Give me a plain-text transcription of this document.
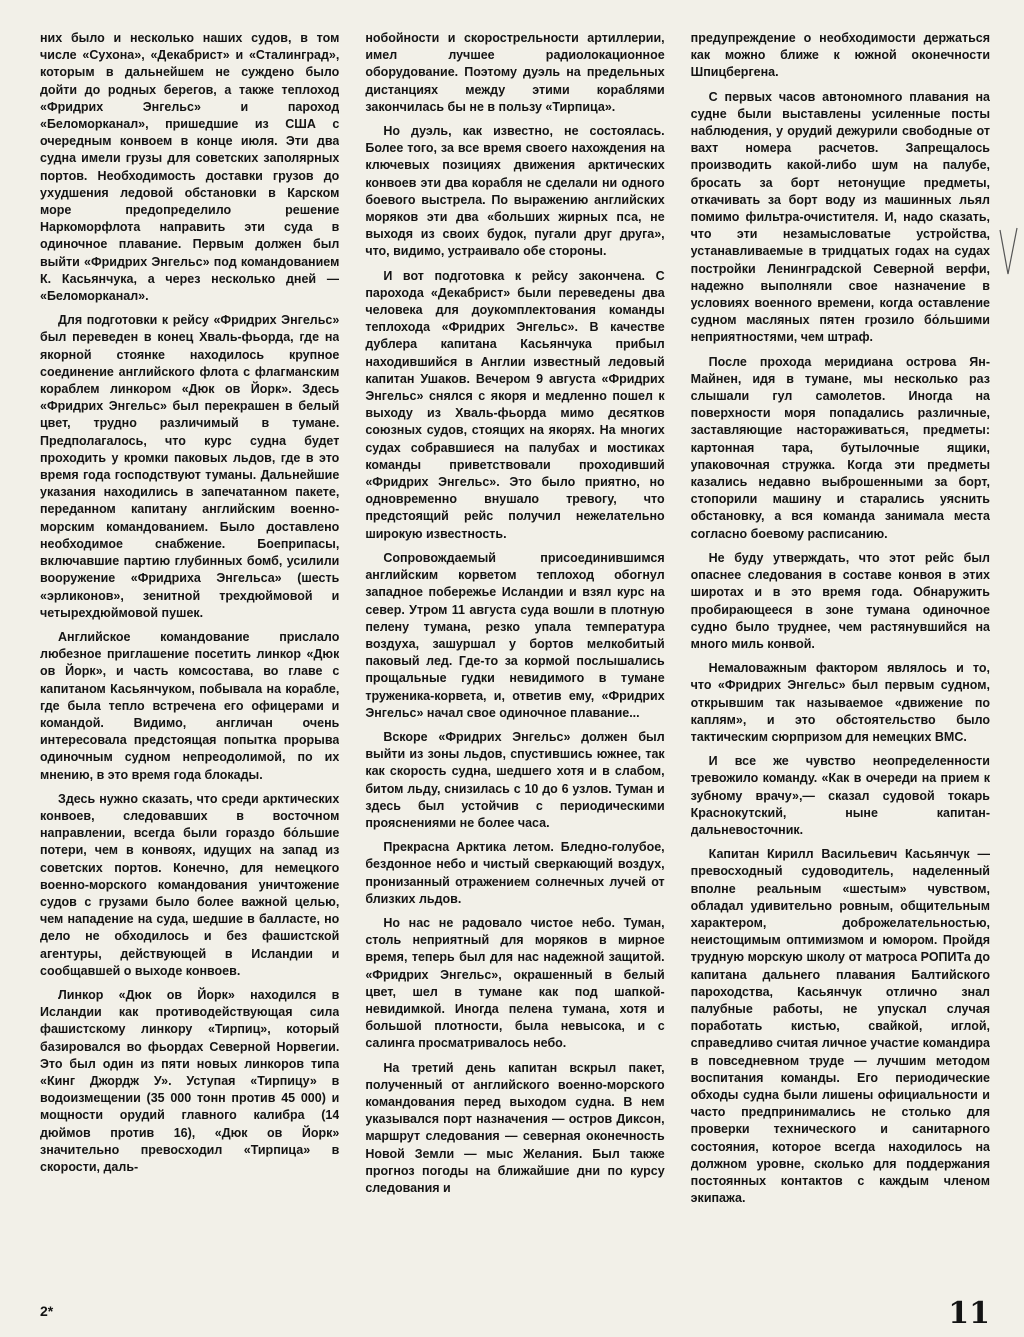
них было и несколько наших судов, в том числе «Сухона», «Декабрист» и «Сталинград», которым в дальнейшем не суждено было дойти до родных берегов, а также теплоход «Фридрих Энгельс» и пароход «Беломорканал», пришедшие из США с очередным конвоем в конце июля. Эти два судна имели грузы для советских заполярных портов. Необходимость доставки грузов до ухудшения ледовой обстановки в Карском море предопределило решение Наркоморфлота направить эти суда в одиночное плавание. Первым должен был выйти «Фридрих Энгельс» под командованием К. Касьянчука, а через несколько дней — «Беломорканал».

Для подготовки к рейсу «Фридрих Энгельс» был переведен в конец Хваль-фьорда, где на якорной стоянке находилось крупное соединение английского флота с флагманским кораблем линкором «Дюк ов Йорк». Здесь «Фридрих Энгельс» был перекрашен в белый цвет, трудно различимый в тумане. Предполагалось, что курс судна будет проходить у кромки паковых льдов, где в это время года господствуют туманы. Дальнейшие указания находились в запечатанном пакете, переданном капитану английским военно-морским командованием. Было доставлено необходимое снабжение. Боеприпасы, включавшие партию глубинных бомб, усилили вооружение «Фридриха Энгельса» (шесть «эрликонов», зенитной трехдюймовой и четырехдюймовой пушек.

Английское командование прислало любезное приглашение посетить линкор «Дюк ов Йорк», и часть комсостава, во главе с капитаном Касьянчуком, побывала на корабле, где была тепло встречена его офицерами и командой. Видимо, англичан очень интересовала предстоящая попытка прорыва одиночным судном непреодолимой, по их мнению, в это время года блокады.

Здесь нужно сказать, что среди арктических конвоев, следовавших в восточном направлении, всегда были гораздо бо́льшие потери, чем в конвоях, идущих на запад из советских портов. Конечно, для немецкого военно-морского командования уничтожение судов с грузами было более важной целью, чем нападение на суда, шедшие в балласте, но дело не обходилось и без фашистской агентуры, действующей в Исландии и сообщавшей о выходе конвоев.

Линкор «Дюк ов Йорк» находился в Исландии как противодействующая сила фашистскому линкору «Тирпиц», который базировался во фьордах Северной Норвегии. Это был один из пяти новых линкоров типа «Кинг Джордж У». Уступая «Тирпицу» в водоизмещении (35 000 тонн против 45 000) и мощности орудий главного калибра (14 дюймов против 16), «Дюк ов Йорк» значительно превосходил «Тирпица» в скорости, даль-

нобойности и скорострельности артиллерии, имел лучшее радиолокационное оборудование. Поэтому дуэль на предельных дистанциях между этими кораблями закончилась бы не в пользу «Тирпица».

Но дуэль, как известно, не состоялась. Более того, за все время своего нахождения на ключевых позициях движения арктических конвоев эти два корабля не сделали ни одного боевого выстрела. По выражению английских моряков эти два «больших жирных пса, не выходя из своих будок, пугали друг друга», что, видимо, устраивало обе стороны.

И вот подготовка к рейсу закончена. С парохода «Декабрист» были переведены два человека для доукомплектования команды теплохода «Фридрих Энгельс». В качестве дублера капитана Касьянчука прибыл находившийся в Англии известный ледовый капитан Ушаков. Вечером 9 августа «Фридрих Энгельс» снялся с якоря и медленно пошел к выходу из Хваль-фьорда мимо десятков союзных судов, стоящих на якорях. На многих судах собравшиеся на палубах и мостиках команды приветствовали проходивший «Фридрих Энгельс». Это было приятно, но одновременно внушало тревогу, что предстоящий рейс получил нежелательно широкую известность.

Сопровождаемый присоединившимся английским корветом теплоход обогнул западное побережье Исландии и взял курс на север. Утром 11 августа суда вошли в плотную пелену тумана, резко упала температура воздуха, зашуршал у бортов мелкобитый паковый лед. Где-то за кормой послышались прощальные гудки невидимого в тумане труженика-корвета, и, ответив ему, «Фридрих Энгельс» начал свое одиночное плавание...

Вскоре «Фридрих Энгельс» должен был выйти из зоны льдов, спустившись южнее, так как скорость судна, шедшего хотя и в слабом, битом льду, снизилась с 10 до 6 узлов. Туман и здесь был устойчив с периодическими прояснениями не более часа.

Прекрасна Арктика летом. Бледно-голубое, бездонное небо и чистый сверкающий воздух, пронизанный отражением солнечных лучей от близких льдов.

Но нас не радовало чистое небо. Туман, столь неприятный для моряков в мирное время, теперь был для нас надежной защитой. «Фридрих Энгельс», окрашенный в белый цвет, шел в тумане как под шапкой-невидимкой. Иногда пелена тумана, хотя и большой плотности, была невысока, и с салинга просматривалось небо.

На третий день капитан вскрыл пакет, полученный от английского военно-морского командования перед выходом судна. В нем указывался порт назначения — остров Диксон, маршрут следования — северная оконечность Новой Земли — мыс Желания. Был также прогноз погоды на ближайшие дни по курсу следования и

предупреждение о необходимости держаться как можно ближе к южной оконечности Шпицбергена.

С первых часов автономного плавания на судне были выставлены усиленные посты наблюдения, у орудий дежурили свободные от вахт номера расчетов. Запрещалось производить какой-либо шум на палубе, бросать за борт нетонущие предметы, откачивать за борт воду из машинных льял помимо фильтра-очистителя. И, надо сказать, что эти незамысловатые устройства, устанавливаемые в тридцатых годах на судах постройки Ленинградской Северной верфи, надежно выполняли свое назначение в условиях военного времени, когда оставление судном масляных пятен грозило бо́льшими неприятностями, чем штраф.

После прохода меридиана острова Ян-Майнен, идя в тумане, мы несколько раз слышали гул самолетов. Иногда на поверхности моря попадались различные, заставляющие настораживаться, предметы: картонная тара, бутылочные ящики, упаковочная стружка. Когда эти предметы казались недавно выброшенными за борт, стопорили машину и старались уяснить обстановку, а вся команда занимала места согласно боевому расписанию.

Не буду утверждать, что этот рейс был опаснее следования в составе конвоя в этих широтах и в это время года. Обнаружить пробирающееся в зоне тумана одиночное судно было труднее, чем растянувшийся на много миль конвой.

Немаловажным фактором являлось и то, что «Фридрих Энгельс» был первым судном, открывшим так называемое «движение по каплям», и это обстоятельство было тактическим сюрпризом для немецких ВМС.

И все же чувство неопределенности тревожило команду. «Как в очереди на прием к зубному врачу»,— сказал судовой токарь Краснокутский, ныне капитан-дальневосточник.

Капитан Кирилл Васильевич Касьянчук — превосходный судоводитель, наделенный вполне реальным «шестым» чувством, обладал удивительно ровным, общительным характером, доброжелательностью, неистощимым оптимизмом и юмором. Пройдя трудную морскую школу от матроса РОПИТа до капитана дальнего плавания Балтийского пароходства, Касьянчук отлично знал палубные работы, не упускал случая поработать кистью, свайкой, иглой, справедливо считая личное участие командира в повседневном труде — лучшим методом воспитания команды. Его периодические обходы судна были лишены официальности и часто предпринимались не столько для проверки технического и санитарного состояния, которое всегда находилось на должном уровне, сколько для поддержания постоянных контактов с каждым членом экипажа.

2*	11
